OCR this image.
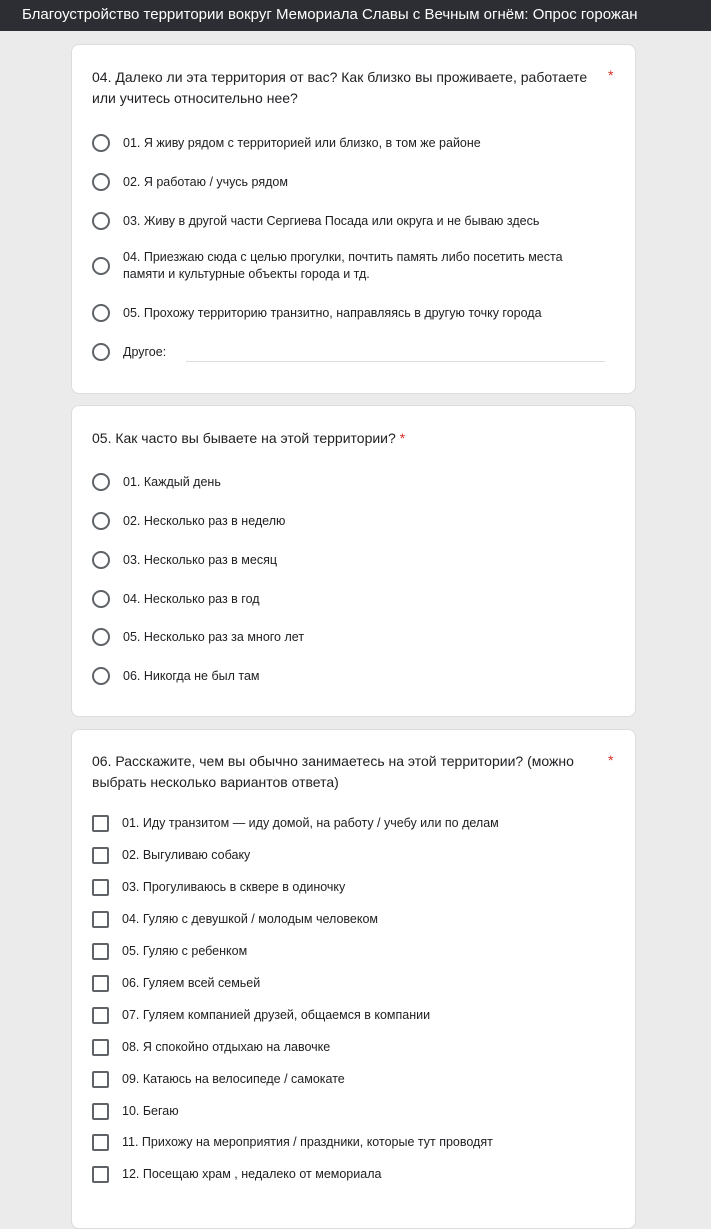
Благоустройство территории вокруг Мемориала Славы с Вечным огнём: Опрос горожан
04. Далеко ли эта территория от вас? Как близко вы проживаете, работаете или учитесь относительно нее?
*
01. Я живу рядом с территорией или близко, в том же районе
02. Я работаю / учусь рядом
03. Живу в другой части Сергиева Посада или округа и не бываю здесь
04. Приезжаю сюда с целью прогулки, почтить память либо посетить места памяти и культурные объекты города и тд.
05. Прохожу территорию транзитно, направляясь в другую точку города
Другое:
05. Как часто вы бываете на этой территории? *
01. Каждый день
02. Несколько раз в неделю
03. Несколько раз в месяц
04. Несколько раз в год
05. Несколько раз за много лет
06. Никогда не был там
06. Расскажите, чем вы обычно занимаетесь на этой территории? (можно выбрать несколько вариантов ответа)
*
01. Иду транзитом — иду домой, на работу / учебу или по делам
02. Выгуливаю собаку
03. Прогуливаюсь в сквере в одиночку
04. Гуляю с девушкой / молодым человеком
05. Гуляю с ребенком
06. Гуляем всей семьей
07. Гуляем компанией друзей, общаемся в компании
08. Я спокойно отдыхаю на лавочке
09. Катаюсь на велосипеде / самокате
10. Бегаю
11. Прихожу на мероприятия / праздники, которые тут проводят
12. Посещаю храм , недалеко от мемориала
